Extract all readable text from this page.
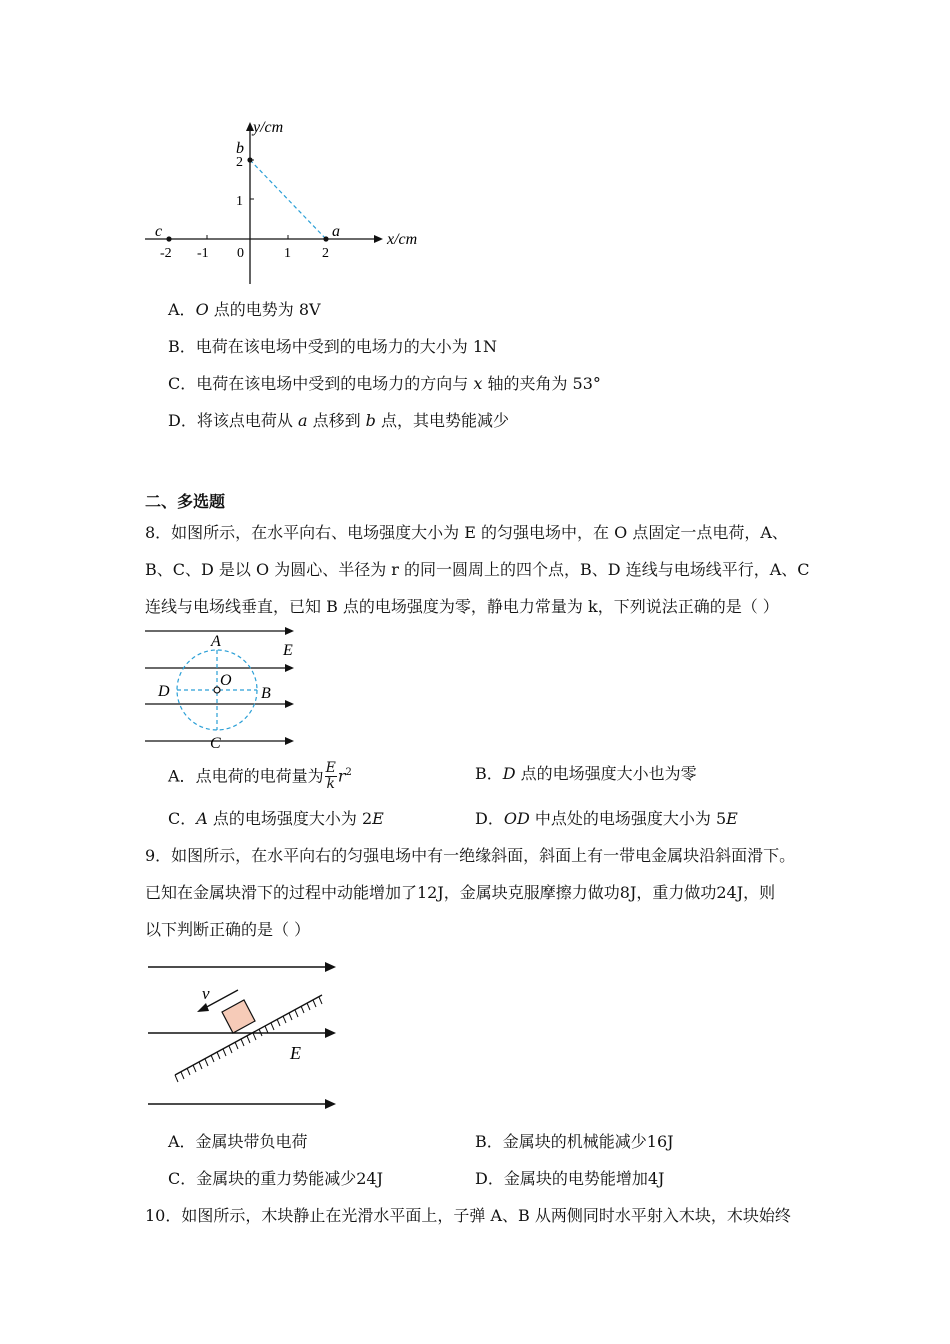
y/cm
x/cm
b
a
c
2
1
0
-2 -1	1 2
A．O 点的电势为 8V
B．电荷在该电场中受到的电场力的大小为 1N
C．电荷在该电场中受到的电场力的方向与 x 轴的夹角为 53°
D．将该点电荷从 a 点移到 b 点，其电势能减少
二、多选题
8．如图所示，在水平向右、电场强度大小为 E 的匀强电场中，在 O 点固定一点电荷，A、
B、C、D 是以 O 为圆心、半径为 r 的同一圆周上的四个点，B、D 连线与电场线平行，A、C
连线与电场线垂直，已知 B 点的电场强度为零，静电力常量为 k，下列说法正确的是（ ）
A
E
O
D	B
C
A．点电荷的电荷量为 $\frac{E}{k} r^2$	B．D 点的电场强度大小也为零
C．A 点的电场强度大小为 2E	D．OD 中点处的电场强度大小为 5E
9．如图所示，在水平向右的匀强电场中有一绝缘斜面，斜面上有一带电金属块沿斜面滑下。
已知在金属块滑下的过程中动能增加了12J，金属块克服摩擦力做功8J，重力做功24J，则
以下判断正确的是（ ）
v
E
A．金属块带负电荷	B．金属块的机械能减少16J
C．金属块的重力势能减少24J	D．金属块的电势能增加4J
10．如图所示，木块静止在光滑水平面上，子弹 A、B 从两侧同时水平射入木块，木块始终
